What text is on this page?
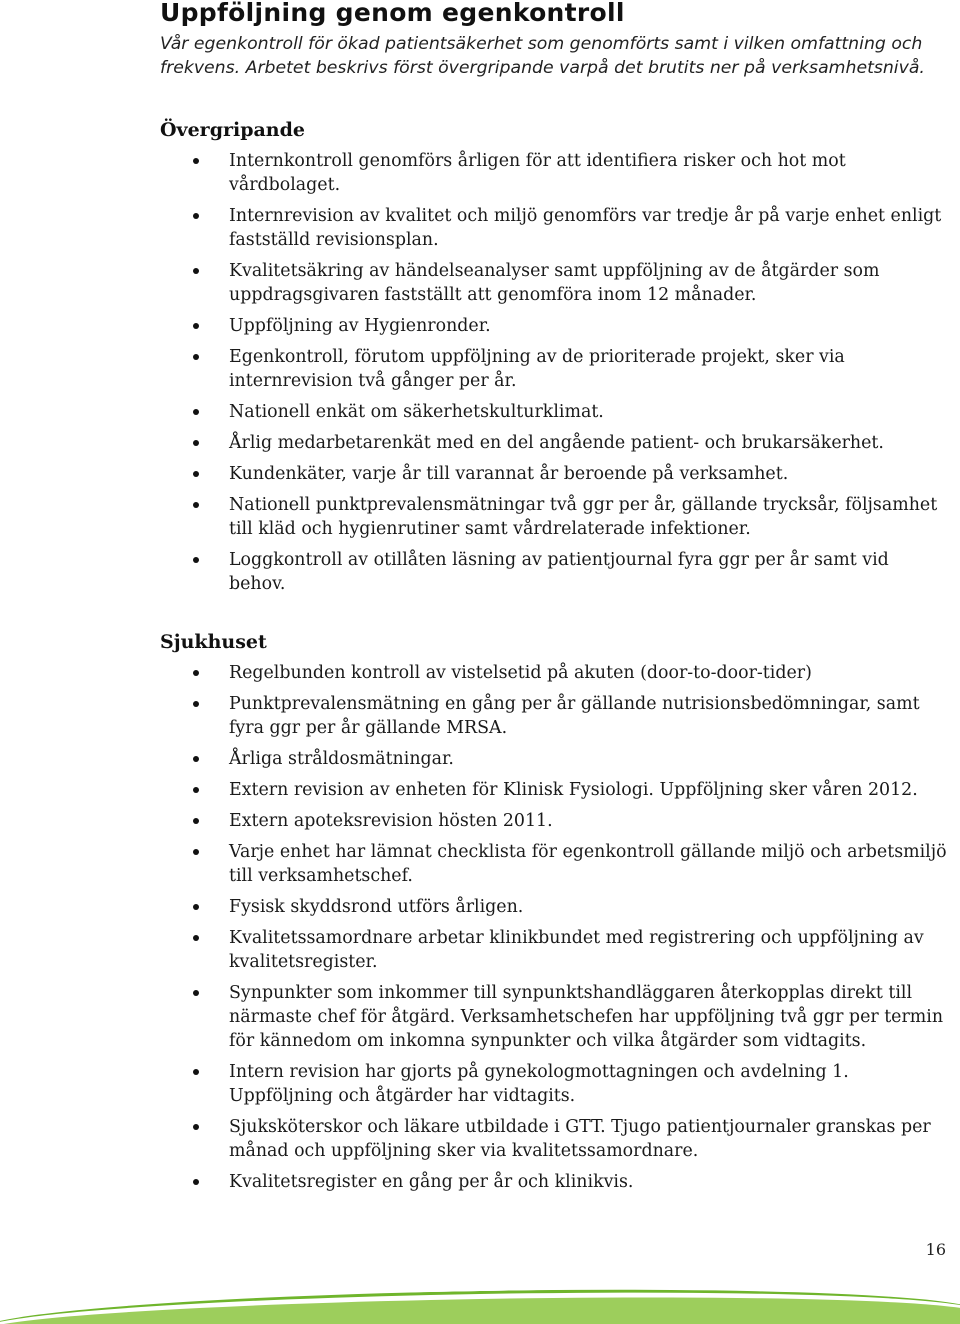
Uppföljning genom egenkontroll

Vår egenkontroll för ökad patientsäkerhet som genomförts samt i vilken omfattning och frekvens. Arbetet beskrivs först övergripande varpå det brutits ner på verksamhetsnivå.

Övergripande
Internkontroll genomförs årligen för att identifiera risker och hot mot vårdbolaget.
Internrevision av kvalitet och miljö genomförs var tredje år på varje enhet enligt fastställd revisionsplan.
Kvalitetsäkring av händelseanalyser samt uppföljning av de åtgärder som uppdragsgivaren fastställt att genomföra inom 12 månader.
Uppföljning av Hygienronder.
Egenkontroll, förutom uppföljning av de prioriterade projekt, sker via internrevision två gånger per år.
Nationell enkät om säkerhetskulturklimat.
Årlig medarbetarenkät med en del angående patient- och brukarsäkerhet.
Kundenkäter, varje år till varannat år beroende på verksamhet.
Nationell punktprevalensmätningar två ggr per år, gällande trycksår, följsamhet till kläd och hygienrutiner samt vårdrelaterade infektioner.
Loggkontroll av otillåten läsning av patientjournal fyra ggr per år samt vid behov.
Sjukhuset
Regelbunden kontroll av vistelsetid på akuten (door-to-door-tider)
Punktprevalensmätning en gång per år gällande nutrisionsbedömningar, samt fyra ggr per år gällande MRSA.
Årliga stråldosmätningar.
Extern revision av enheten för Klinisk Fysiologi. Uppföljning sker våren 2012.
Extern apoteksrevision hösten 2011.
Varje enhet har lämnat checklista för egenkontroll gällande miljö och arbetsmiljö till verksamhetschef.
Fysisk skyddsrond utförs årligen.
Kvalitetssamordnare arbetar klinikbundet med registrering och uppföljning av kvalitetsregister.
Synpunkter som inkommer till synpunktshandläggaren återkopplas direkt till närmaste chef för åtgärd. Verksamhetschefen har uppföljning två ggr per termin för kännedom om inkomna synpunkter och vilka åtgärder som vidtagits.
Intern revision har gjorts på gynekologmottagningen och avdelning 1. Uppföljning och åtgärder har vidtagits.
Sjuksköterskor och läkare utbildade i GTT. Tjugo patientjournaler granskas per månad och uppföljning sker via kvalitetssamordnare.
Kvalitetsregister en gång per år och klinikvis.
16
